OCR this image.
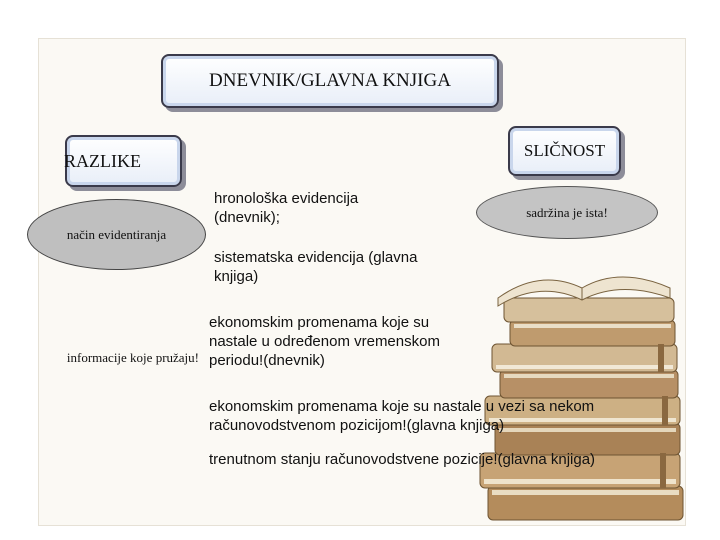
DNEVNIK/GLAVNA KNJIGA
RAZLIKE	SLIČNOST
način evidentiranja
sadržina je ista!
informacije koje pružaju!
hronološka evidencija (dnevnik);
sistematska evidencija (glavna knjiga)
ekonomskim promenama koje su nastale u određenom vremenskom periodu!(dnevnik)
ekonomskim promenama koje su nastale u vezi sa nekom računovodstvenom pozicijom!(glavna knjiga)
trenutnom stanju računovodstvene pozicije!(glavna knjiga)
